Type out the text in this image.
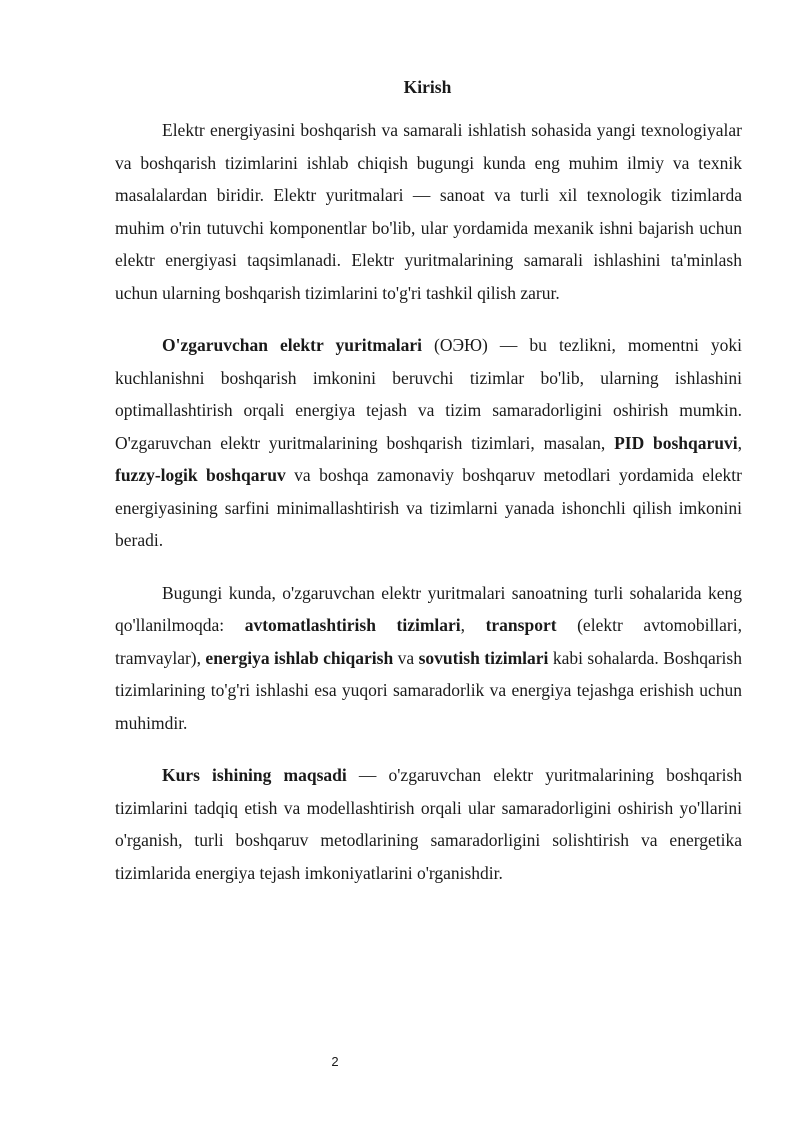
Kirish

Elektr energiyasini boshqarish va samarali ishlatish sohasida yangi texnologiyalar va boshqarish tizimlarini ishlab chiqish bugungi kunda eng muhim ilmiy va texnik masalalardan biridir. Elektr yuritmalari — sanoat va turli xil texnologik tizimlarda muhim o'rin tutuvchi komponentlar bo'lib, ular yordamida mexanik ishni bajarish uchun elektr energiyasi taqsimlanadi. Elektr yuritmalarining samarali ishlashini ta'minlash uchun ularning boshqarish tizimlarini to'g'ri tashkil qilish zarur.

O'zgaruvchan elektr yuritmalari (ОЭЮ) — bu tezlikni, momentni yoki kuchlanishni boshqarish imkonini beruvchi tizimlar bo'lib, ularning ishlashini optimallashtirish orqali energiya tejash va tizim samaradorligini oshirish mumkin. O'zgaruvchan elektr yuritmalarining boshqarish tizimlari, masalan, PID boshqaruvi, fuzzy-logik boshqaruv va boshqa zamonaviy boshqaruv metodlari yordamida elektr energiyasining sarfini minimallashtirish va tizimlarni yanada ishonchli qilish imkonini beradi.

Bugungi kunda, o'zgaruvchan elektr yuritmalari sanoatning turli sohalarida keng qo'llanilmoqda: avtomatlashtirish tizimlari, transport (elektr avtomobillari, tramvaylar), energiya ishlab chiqarish va sovutish tizimlari kabi sohalarda. Boshqarish tizimlarining to'g'ri ishlashi esa yuqori samaradorlik va energiya tejashga erishish uchun muhimdir.

Kurs ishining maqsadi — o'zgaruvchan elektr yuritmalarining boshqarish tizimlarini tadqiq etish va modellashtirish orqali ular samaradorligini oshirish yo'llarini o'rganish, turli boshqaruv metodlarining samaradorligini solishtirish va energetika tizimlarida energiya tejash imkoniyatlarini o'rganishdir.

2
